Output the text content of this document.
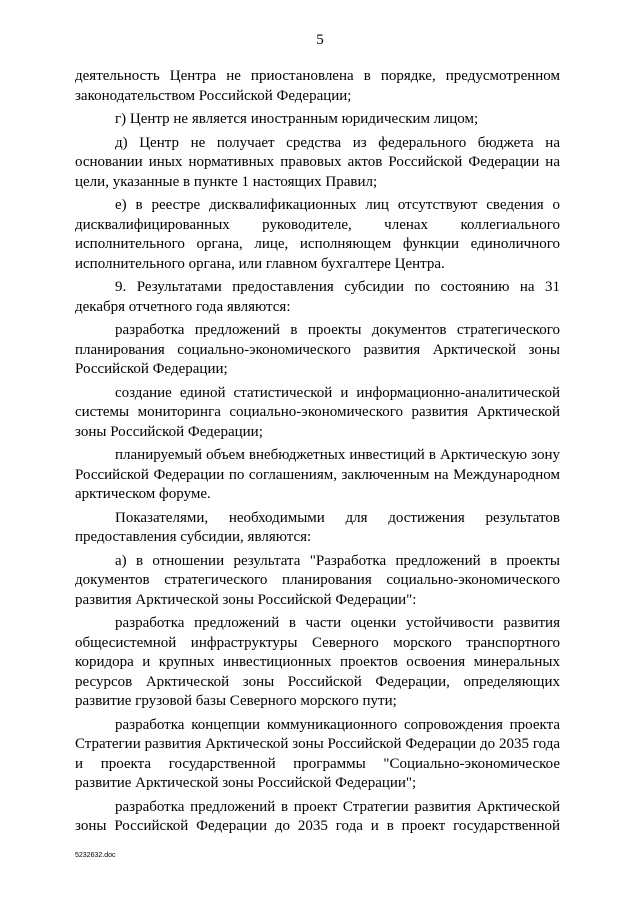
5

деятельность Центра не приостановлена в порядке, предусмотренном законодательством Российской Федерации;

г) Центр не является иностранным юридическим лицом;

д) Центр не получает средства из федерального бюджета на основании иных нормативных правовых актов Российской Федерации на цели, указанные в пункте 1 настоящих Правил;

е) в реестре дисквалификационных лиц отсутствуют сведения о дисквалифицированных руководителе, членах коллегиального исполнительного органа, лице, исполняющем функции единоличного исполнительного органа, или главном бухгалтере Центра.

9. Результатами предоставления субсидии по состоянию на 31 декабря отчетного года являются:

разработка предложений в проекты документов стратегического планирования социально-экономического развития Арктической зоны Российской Федерации;

создание единой статистической и информационно-аналитической системы мониторинга социально-экономического развития Арктической зоны Российской Федерации;

планируемый объем внебюджетных инвестиций в Арктическую зону Российской Федерации по соглашениям, заключенным на Международном арктическом форуме.

Показателями, необходимыми для достижения результатов предоставления субсидии, являются:

а) в отношении результата "Разработка предложений в проекты документов стратегического планирования социально-экономического развития Арктической зоны Российской Федерации":

разработка предложений в части оценки устойчивости развития общесистемной инфраструктуры Северного морского транспортного коридора и крупных инвестиционных проектов освоения минеральных ресурсов Арктической зоны Российской Федерации, определяющих развитие грузовой базы Северного морского пути;

разработка концепции коммуникационного сопровождения проекта Стратегии развития Арктической зоны Российской Федерации до 2035 года и проекта государственной программы "Социально-экономическое развитие Арктической зоны Российской Федерации";

разработка предложений в проект Стратегии развития Арктической зоны Российской Федерации до 2035 года и в проект государственной

5232632.doc
